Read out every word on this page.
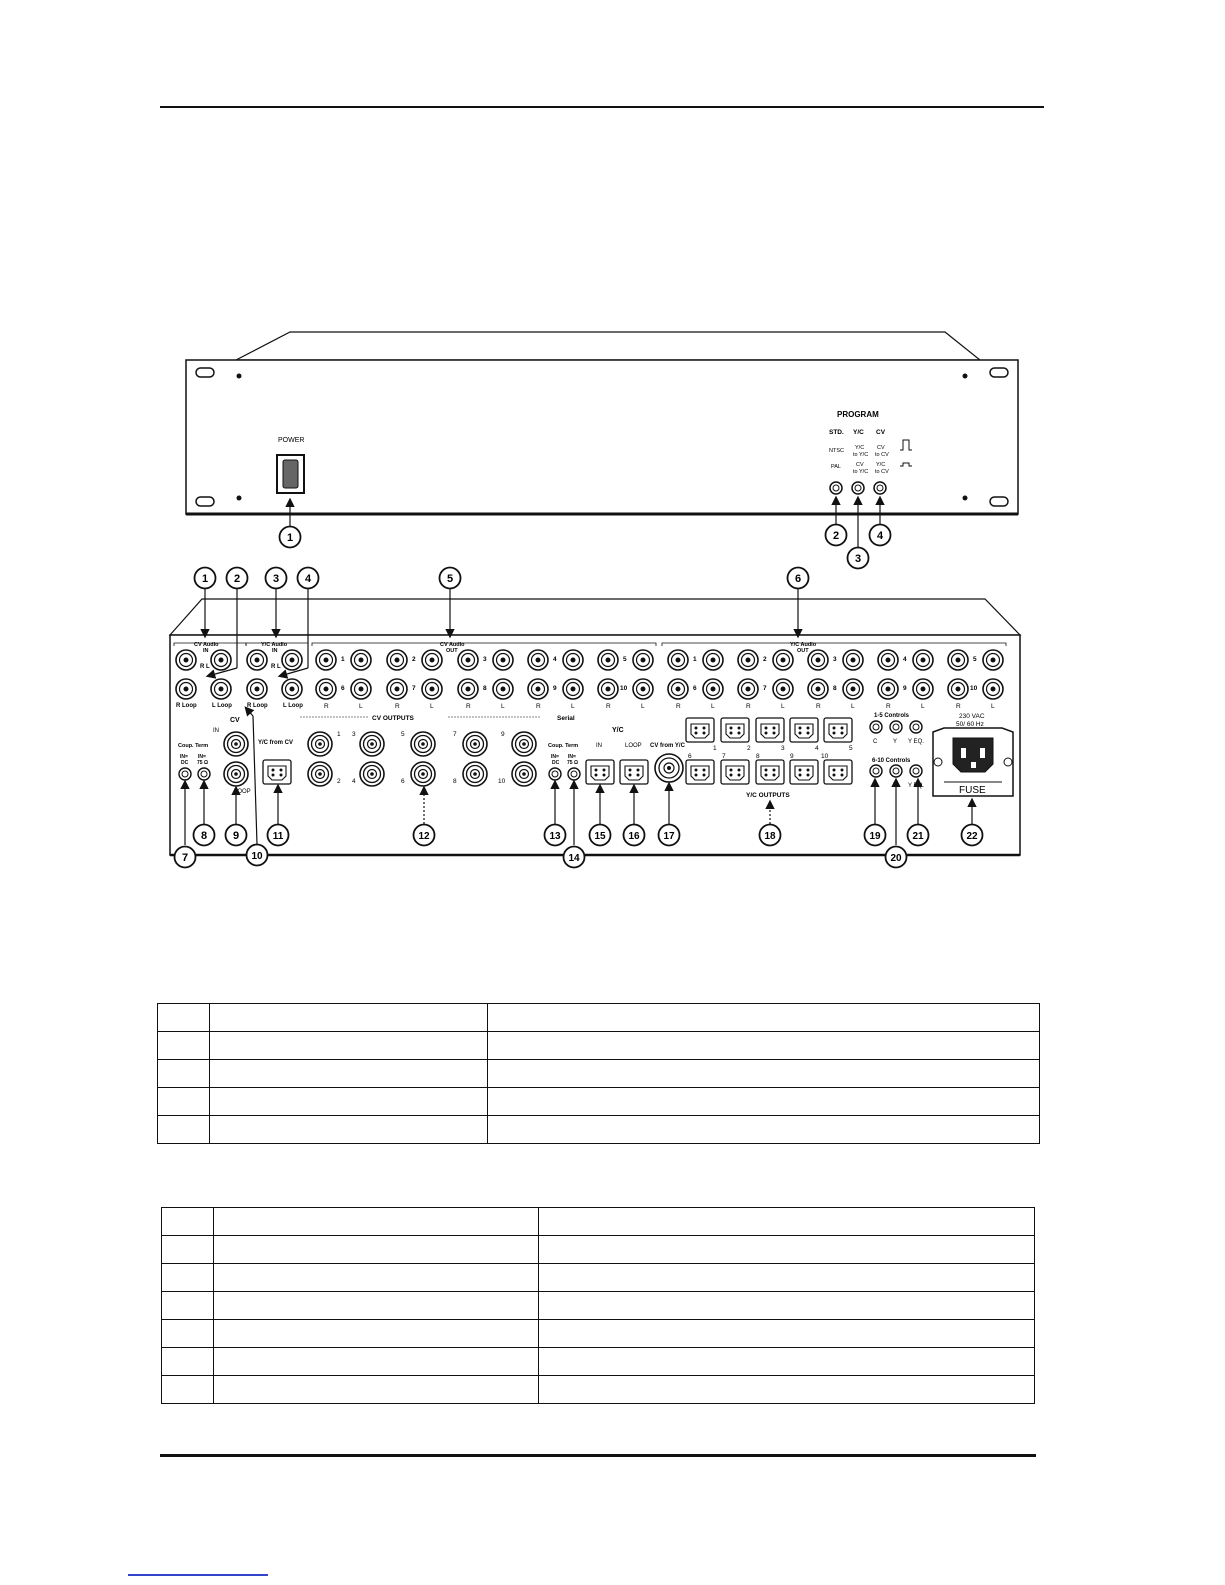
POWER
PROGRAM
STD. Y/C CV
NTSC Y/C
to Y/C
CV
to CV
PAL	CV
to Y/C
Y/C
to CV
1	2
3
4
CV Audio
IN
Y/C Audio
IN
CV Audio
OUT
Y/C Audio
OUT
R L	R L
R Loop	L Loop	R Loop	L Loop
1	2	3	4	5
6	7	8	9	10
R	L	R	L	R	L	R	L	R	L
1	2	3	4	5
6	7	8	9	10
R	L	R	L	R	L	R	L	R	L
CV
IN
LOOP
Coup. Term
IN=
DC
IN=
75 Ω
Y/C from CV
CV OUTPUTS
1 3	5	7	9
2 4	6	8	10
Serial
Coup. Term
IN=
DC
IN=
75 Ω
Y/C
IN	LOOP CV from Y/C	1	2	3	4	5
6	7	8	9	10
Y/C OUTPUTS
1-5 Controls
C	Y Y EQ.
6-10 Controls
C	Y Y EQ.
230 VAC
50/ 60 Hz
FUSE
1 2	3 4	5	6
7
8 9
10
11	12	13
14
15 16 17	18	19
20
21	22
